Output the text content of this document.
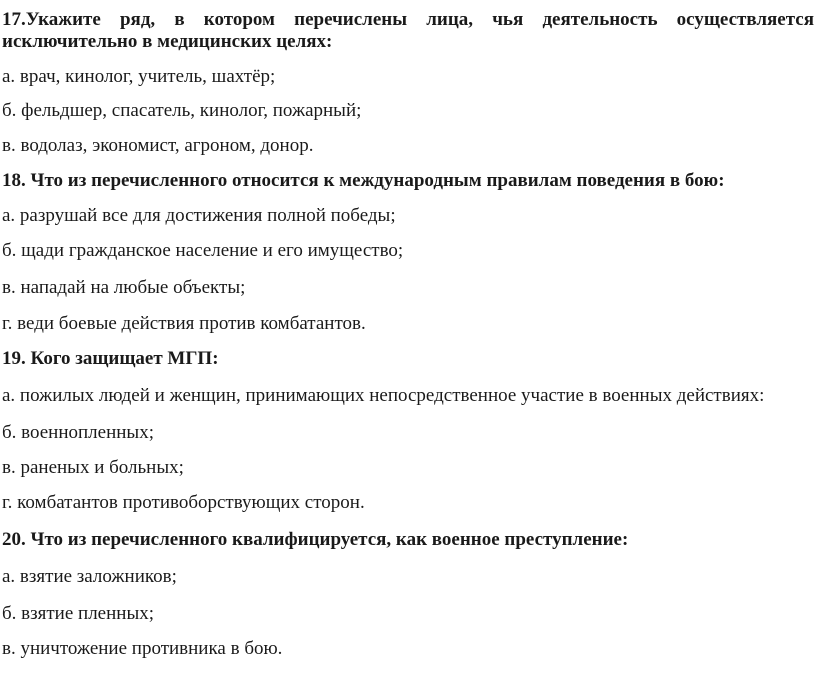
17.Укажите ряд, в котором перечислены лица, чья деятельность осуществляется
исключительно в медицинских целях:
а. врач, кинолог, учитель, шахтёр;
б. фельдшер, спасатель, кинолог, пожарный;
в. водолаз, экономист, агроном, донор.
18. Что из перечисленного относится к международным правилам поведения в бою:
а. разрушай все для достижения полной победы;
б. щади гражданское население и его имущество;
в. нападай на любые объекты;
г. веди боевые действия против комбатантов.
19. Кого защищает МГП:
а. пожилых людей и женщин, принимающих непосредственное участие в военных действиях:
б. военнопленных;
в. раненых и больных;
г. комбатантов противоборствующих сторон.
20. Что из перечисленного квалифицируется, как военное преступление:
а. взятие заложников;
б. взятие пленных;
в. уничтожение противника в бою.
